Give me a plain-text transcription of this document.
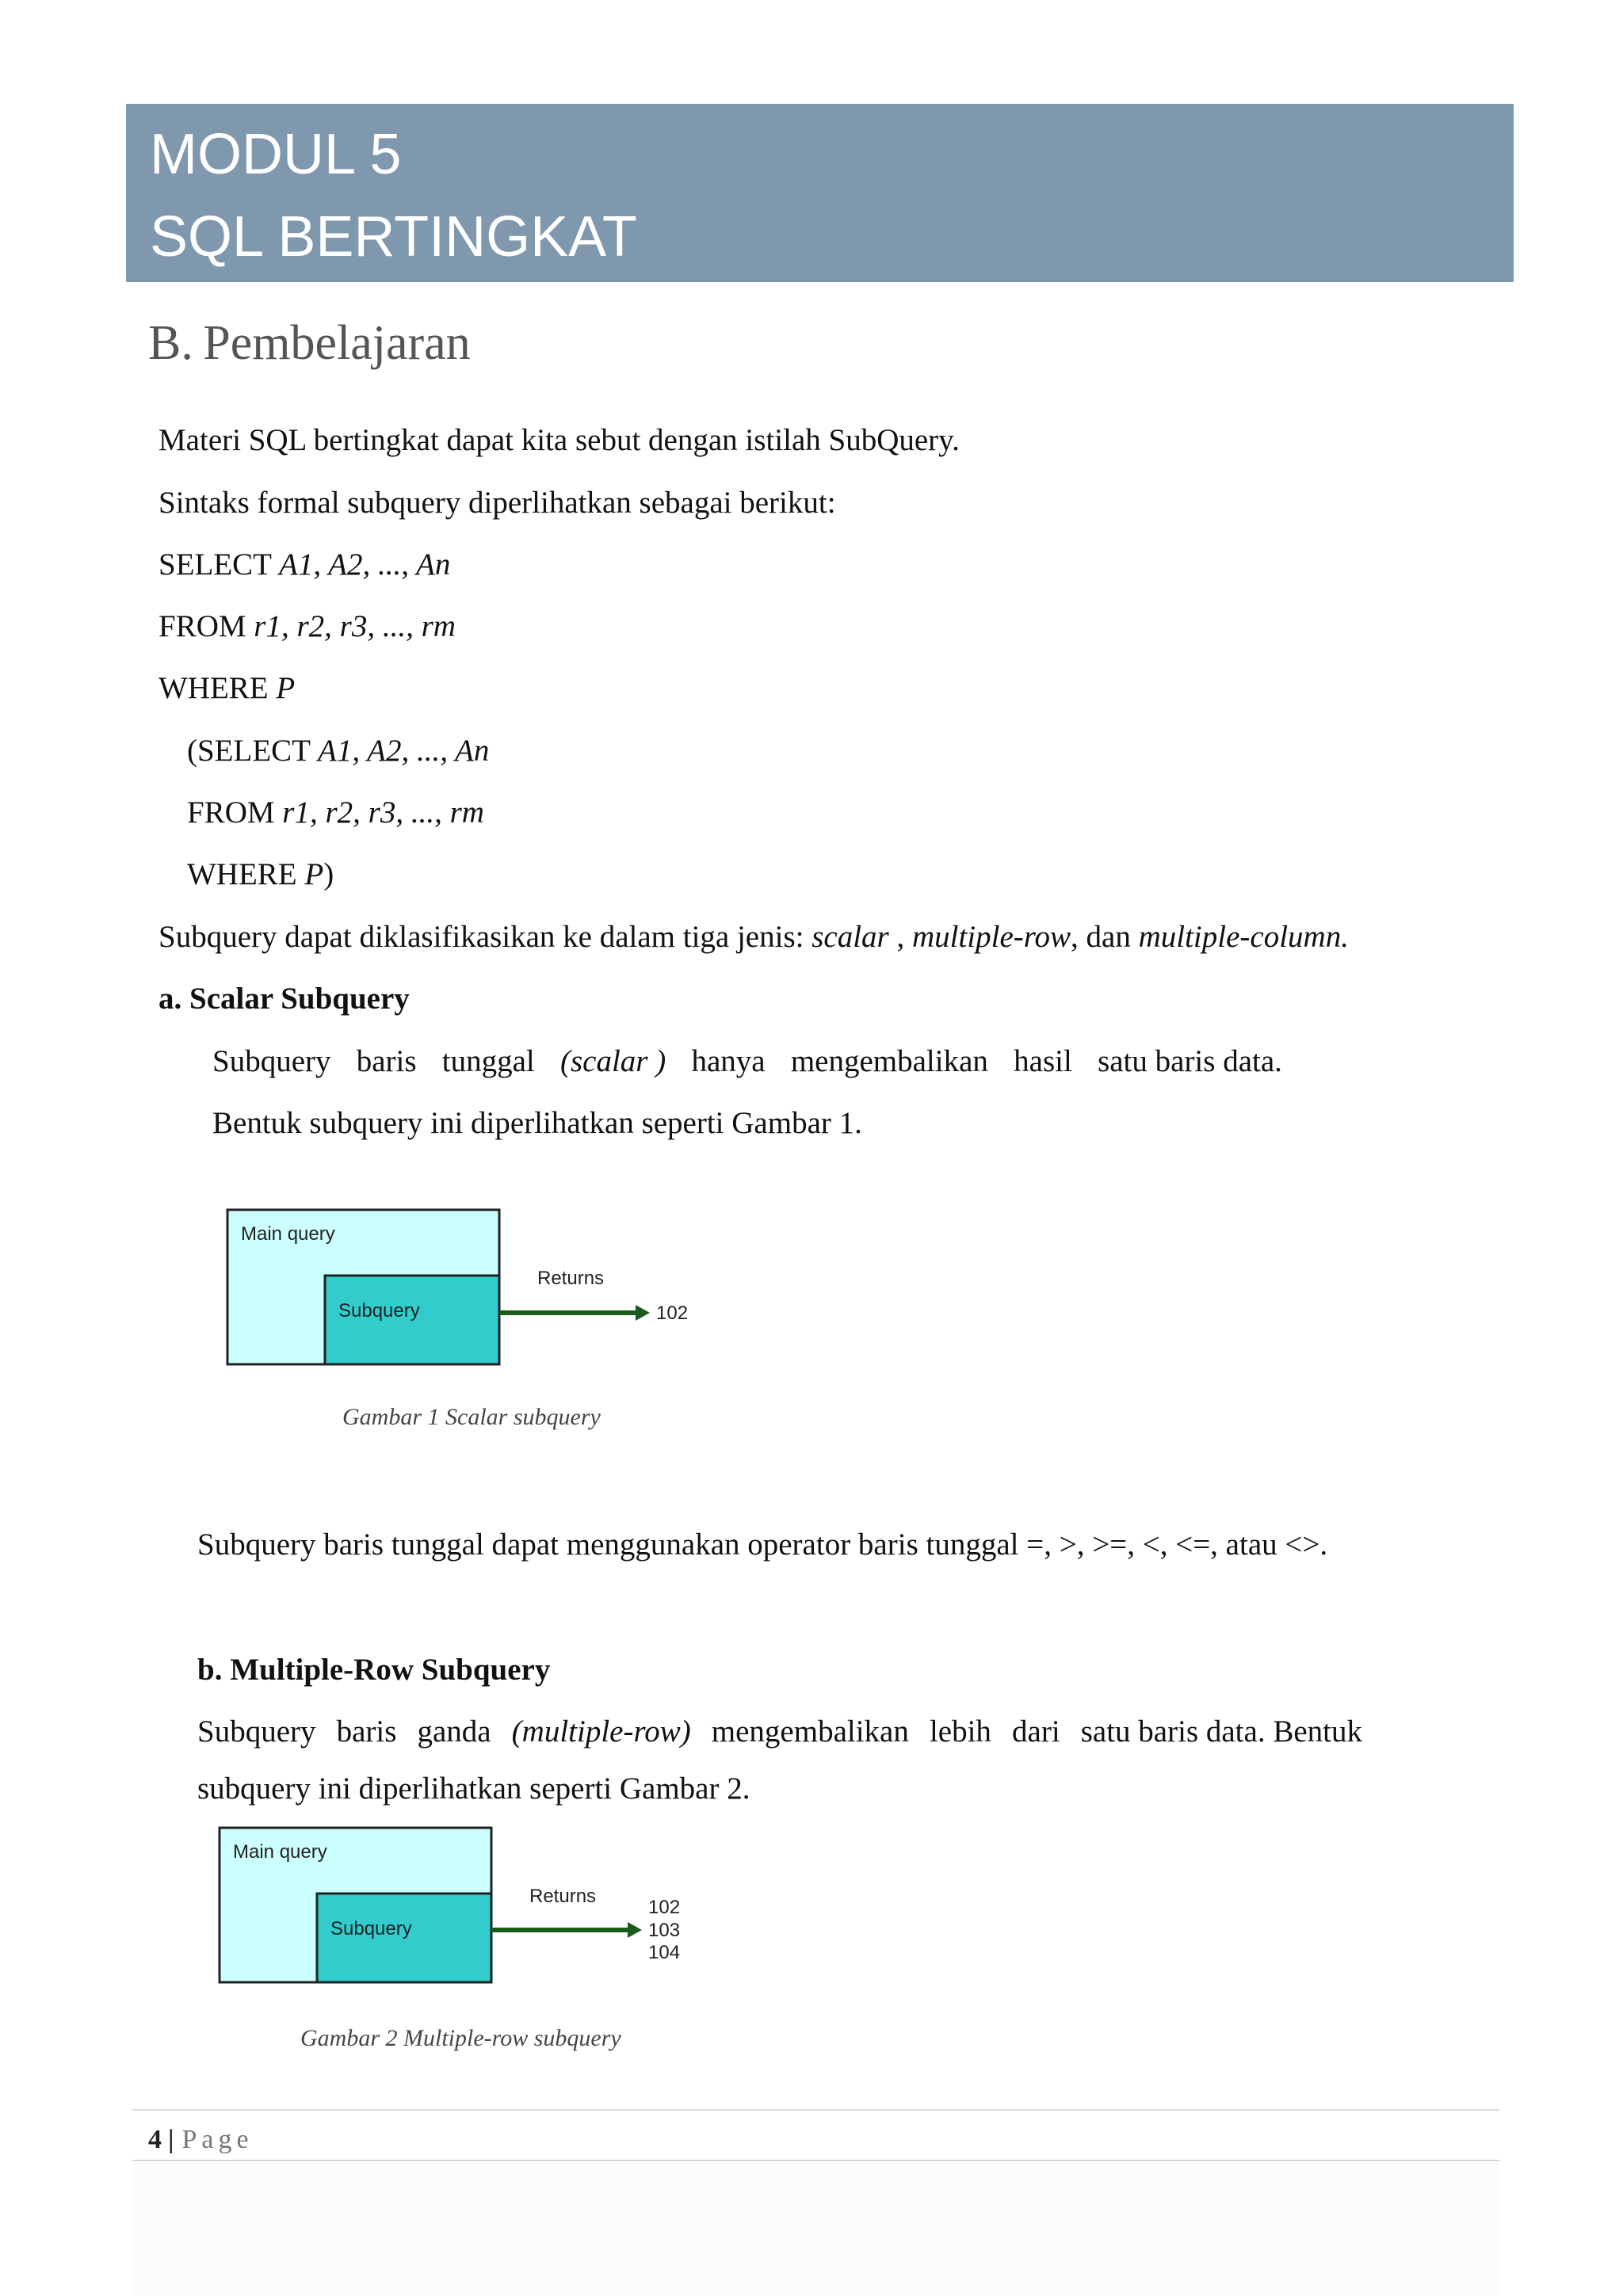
MODUL 5
SQL BERTINGKAT
B. Pembelajaran
Materi SQL bertingkat dapat kita sebut dengan istilah SubQuery.
Sintaks formal subquery diperlihatkan sebagai berikut:
SELECT A1, A2, ..., An
FROM r1, r2, r3, ..., rm
WHERE P
(SELECT A1, A2, ..., An
FROM r1, r2, r3, ..., rm
WHERE P)
Subquery dapat diklasifikasikan ke dalam tiga jenis: scalar , multiple-row, dan multiple-column.
a. Scalar Subquery
Subquery baris tunggal (scalar ) hanya mengembalikan hasil satu baris data.
Bentuk subquery ini diperlihatkan seperti Gambar 1.
Main query
Subquery
Returns
102
Gambar 1 Scalar subquery
Subquery baris tunggal dapat menggunakan operator baris tunggal =, >, >=, <, <=, atau <>.
b. Multiple-Row Subquery
Subquery baris ganda (multiple-row) mengembalikan lebih dari satu baris data. Bentuk
subquery ini diperlihatkan seperti Gambar 2.
Main query
Subquery
Returns
102
103
104
Gambar 2 Multiple-row subquery
4 | Page
